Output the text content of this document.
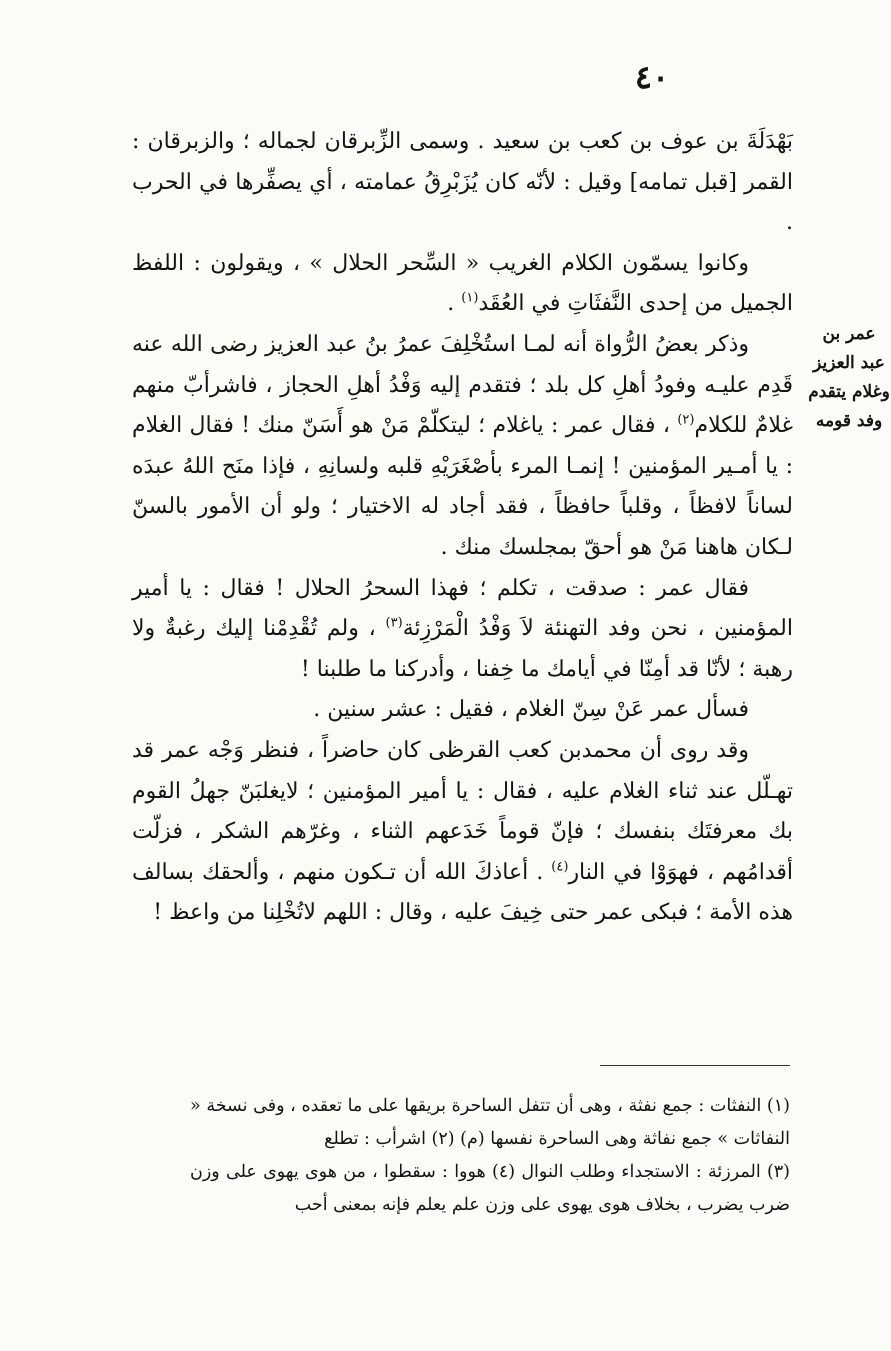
٤٠
عمر بن
عبد العزيز
وغلام يتقدم
وفد قومه

بَهْدَلَةَ بن عوف بن كعب بن سعيد . وسمى الزِّبرقان لجماله ؛ والزبرقان : القمر [قبل تمامه] وقيل : لأنّه كان يُزَبْرِقُ عمامته ، أي يصفِّرها في الحرب .

وكانوا يسمّون الكلام الغريب « السِّحر الحلال » ، ويقولون : اللفظ الجميل من إحدى النَّفثَاتِ في العُقَد$^{(١)}$ .

وذكر بعضُ الرُّواة أنه لمـا استُخْلِفَ عمرُ بنُ عبد العزيز رضى الله عنه قَدِم عليـه وفودُ أهلِ كل بلد ؛ فتقدم إليه وَفْدُ أهلِ الحجاز ، فاشرأبّ منهم غلامٌ للكلام$^{(٢)}$ ، فقال عمر : ياغلام ؛ ليتكلّمْ مَنْ هو أَسَنّ منك ! فقال الغلام : يا أمـير المؤمنين ! إنمـا المرء بأصْغَرَيْهِ قلبه ولسانِهِ ، فإذا منَح اللهُ عبدَه لساناً لافظاً ، وقلباً حافظاً ، فقد أجاد له الاختيار ؛ ولو أن الأمور بالسنّ لـكان هاهنا مَنْ هو أحقّ بمجلسك منك .

فقال عمر : صدقت ، تكلم ؛ فهذا السحرُ الحلال ! فقال : يا أمير المؤمنين ، نحن وفد التهنئة لاَ وَفْدُ الْمَرْزِئة$^{(٣)}$ ، ولم تُقْدِمْنا إليك رغبةٌ ولا رهبة ؛ لأنّا قد أمِنّا في أيامك ما خِفنا ، وأدركنا ما طلبنا !

فسأل عمر عَنْ سِنّ الغلام ، فقيل : عشر سنين .

وقد روى أن محمدبن كعب القرظى كان حاضراً ، فنظر وَجْه عمر قد تهـلّل عند ثناء الغلام عليه ، فقال : يا أمير المؤمنين ؛ لايغلبَنّ جهلُ القوم بك معرفتَك بنفسك ؛ فإنّ قوماً خَدَعهم الثناء ، وغرّهم الشكر ، فزلّت أقدامُهم ، فهوَوْا في النار$^{(٤)}$ . أعاذكَ الله أن تـكون منهم ، وألحقك بسالف هذه الأمة ؛ فبكى عمر حتى خِيفَ عليه ، وقال : اللهم لاتُخْلِنا من واعظ !

(١) النفثات : جمع نفثة ، وهى أن تتفل الساحرة بريقها على ما تعقده ، وفى نسخة « النفاثات » جمع نفاثة وهى الساحرة نفسها (م) (٢) اشرأب : تطلع

(٣) المرزئة : الاستجداء وطلب النوال (٤) هووا : سقطوا ، من هوى يهوى على وزن ضرب يضرب ، بخلاف هوى يهوى على وزن علم يعلم فإنه بمعنى أحب
